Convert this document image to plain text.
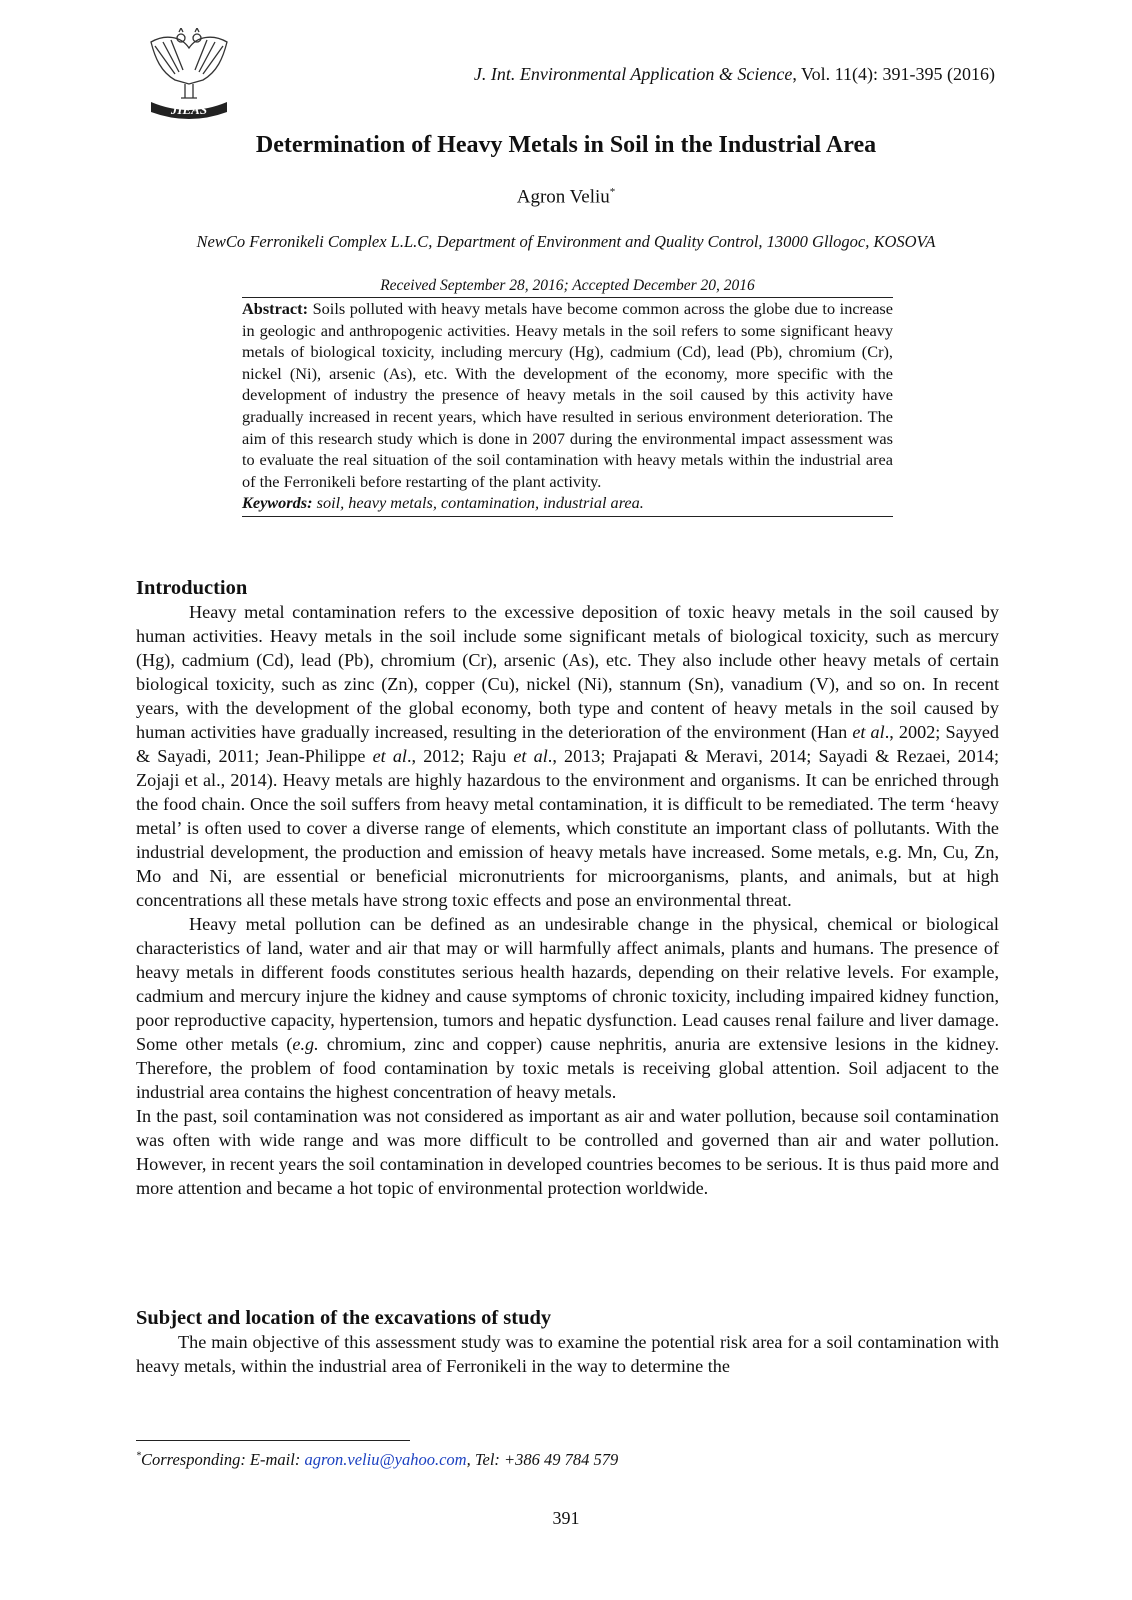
JIEAS
J. Int. Environmental Application & Science, Vol. 11(4): 391-395 (2016)
Determination of Heavy Metals in Soil in the Industrial Area
Agron Veliu*
NewCo Ferronikeli Complex L.L.C, Department of Environment and Quality Control, 13000 Gllogoc, KOSOVA
Received September 28, 2016; Accepted December 20, 2016
Abstract: Soils polluted with heavy metals have become common across the globe due to increase in geologic and anthropogenic activities. Heavy metals in the soil refers to some significant heavy metals of biological toxicity, including mercury (Hg), cadmium (Cd), lead (Pb), chromium (Cr), nickel (Ni), arsenic (As), etc. With the development of the economy, more specific with the development of industry the presence of heavy metals in the soil caused by this activity have gradually increased in recent years, which have resulted in serious environment deterioration. The aim of this research study which is done in 2007 during the environmental impact assessment was to evaluate the real situation of the soil contamination with heavy metals within the industrial area of the Ferronikeli before restarting of the plant activity.
Keywords: soil, heavy metals, contamination, industrial area.
Introduction

Heavy metal contamination refers to the excessive deposition of toxic heavy metals in the soil caused by human activities. Heavy metals in the soil include some significant metals of biological toxicity, such as mercury (Hg), cadmium (Cd), lead (Pb), chromium (Cr), arsenic (As), etc. They also include other heavy metals of certain biological toxicity, such as zinc (Zn), copper (Cu), nickel (Ni), stannum (Sn), vanadium (V), and so on. In recent years, with the development of the global economy, both type and content of heavy metals in the soil caused by human activities have gradually increased, resulting in the deterioration of the environment (Han et al., 2002; Sayyed & Sayadi, 2011; Jean-Philippe et al., 2012; Raju et al., 2013; Prajapati & Meravi, 2014; Sayadi & Rezaei, 2014; Zojaji et al., 2014). Heavy metals are highly hazardous to the environment and organisms. It can be enriched through the food chain. Once the soil suffers from heavy metal contamination, it is difficult to be remediated. The term ‘heavy metal’ is often used to cover a diverse range of elements, which constitute an important class of pollutants. With the industrial development, the production and emission of heavy metals have increased. Some metals, e.g. Mn, Cu, Zn, Mo and Ni, are essential or beneficial micronutrients for microorganisms, plants, and animals, but at high concentrations all these metals have strong toxic effects and pose an environmental threat.

Heavy metal pollution can be defined as an undesirable change in the physical, chemical or biological characteristics of land, water and air that may or will harmfully affect animals, plants and humans. The presence of heavy metals in different foods constitutes serious health hazards, depending on their relative levels. For example, cadmium and mercury injure the kidney and cause symptoms of chronic toxicity, including impaired kidney function, poor reproductive capacity, hypertension, tumors and hepatic dysfunction. Lead causes renal failure and liver damage. Some other metals (e.g. chromium, zinc and copper) cause nephritis, anuria are extensive lesions in the kidney. Therefore, the problem of food contamination by toxic metals is receiving global attention. Soil adjacent to the industrial area contains the highest concentration of heavy metals.

In the past, soil contamination was not considered as important as air and water pollution, because soil contamination was often with wide range and was more difficult to be controlled and governed than air and water pollution. However, in recent years the soil contamination in developed countries becomes to be serious. It is thus paid more and more attention and became a hot topic of environmental protection worldwide.

Subject and location of the excavations of study

The main objective of this assessment study was to examine the potential risk area for a soil contamination with heavy metals, within the industrial area of Ferronikeli in the way to determine the

*Corresponding: E-mail: agron.veliu@yahoo.com, Tel: +386 49 784 579
391
